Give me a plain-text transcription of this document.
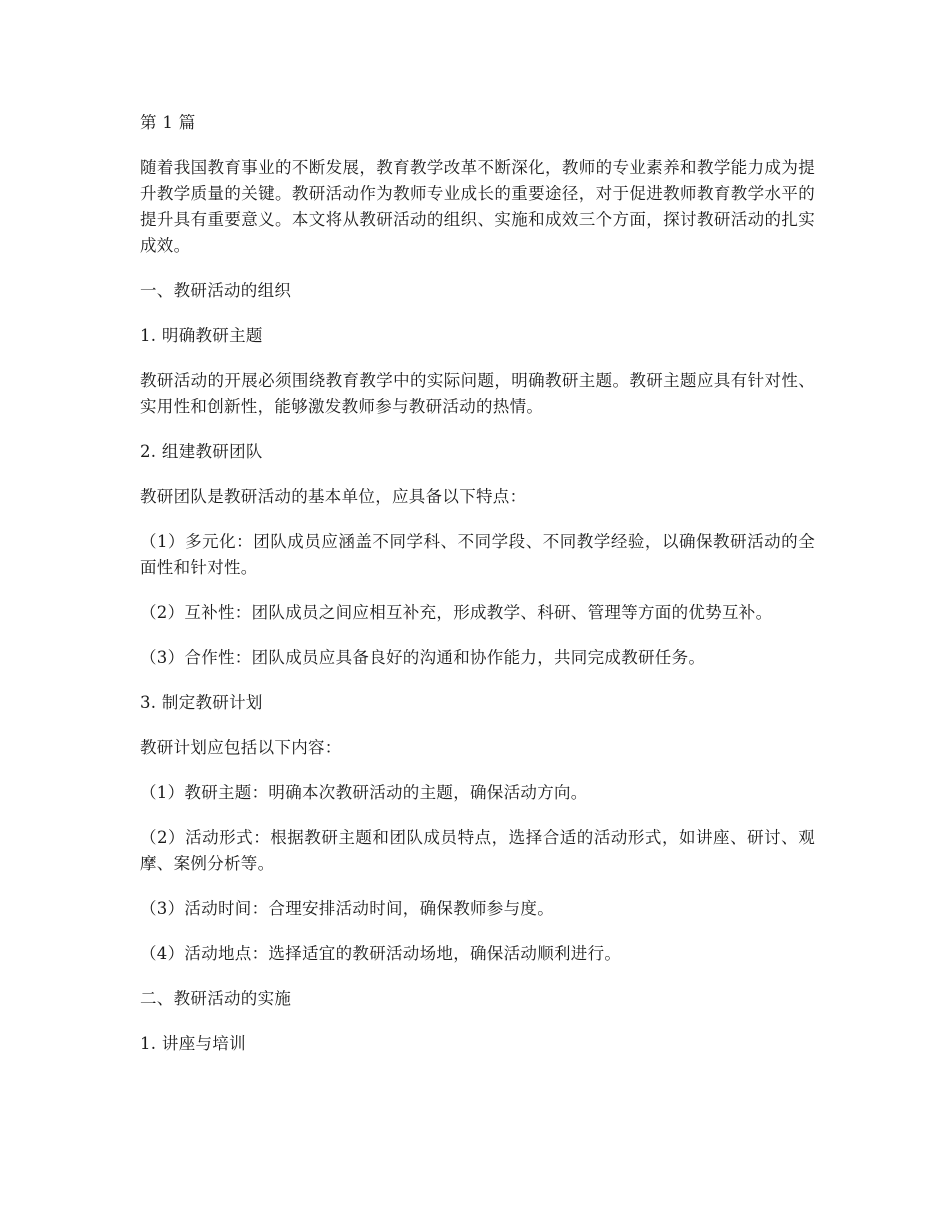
第 1 篇

随着我国教育事业的不断发展，教育教学改革不断深化，教师的专业素养和教学能力成为提升教学质量的关键。教研活动作为教师专业成长的重要途径，对于促进教师教育教学水平的提升具有重要意义。本文将从教研活动的组织、实施和成效三个方面，探讨教研活动的扎实成效。

一、教研活动的组织

1. 明确教研主题

教研活动的开展必须围绕教育教学中的实际问题，明确教研主题。教研主题应具有针对性、实用性和创新性，能够激发教师参与教研活动的热情。

2. 组建教研团队

教研团队是教研活动的基本单位，应具备以下特点：

（1）多元化：团队成员应涵盖不同学科、不同学段、不同教学经验，以确保教研活动的全面性和针对性。

（2）互补性：团队成员之间应相互补充，形成教学、科研、管理等方面的优势互补。

（3）合作性：团队成员应具备良好的沟通和协作能力，共同完成教研任务。

3. 制定教研计划

教研计划应包括以下内容：

（1）教研主题：明确本次教研活动的主题，确保活动方向。

（2）活动形式：根据教研主题和团队成员特点，选择合适的活动形式，如讲座、研讨、观摩、案例分析等。

（3）活动时间：合理安排活动时间，确保教师参与度。

（4）活动地点：选择适宜的教研活动场地，确保活动顺利进行。

二、教研活动的实施

1. 讲座与培训
